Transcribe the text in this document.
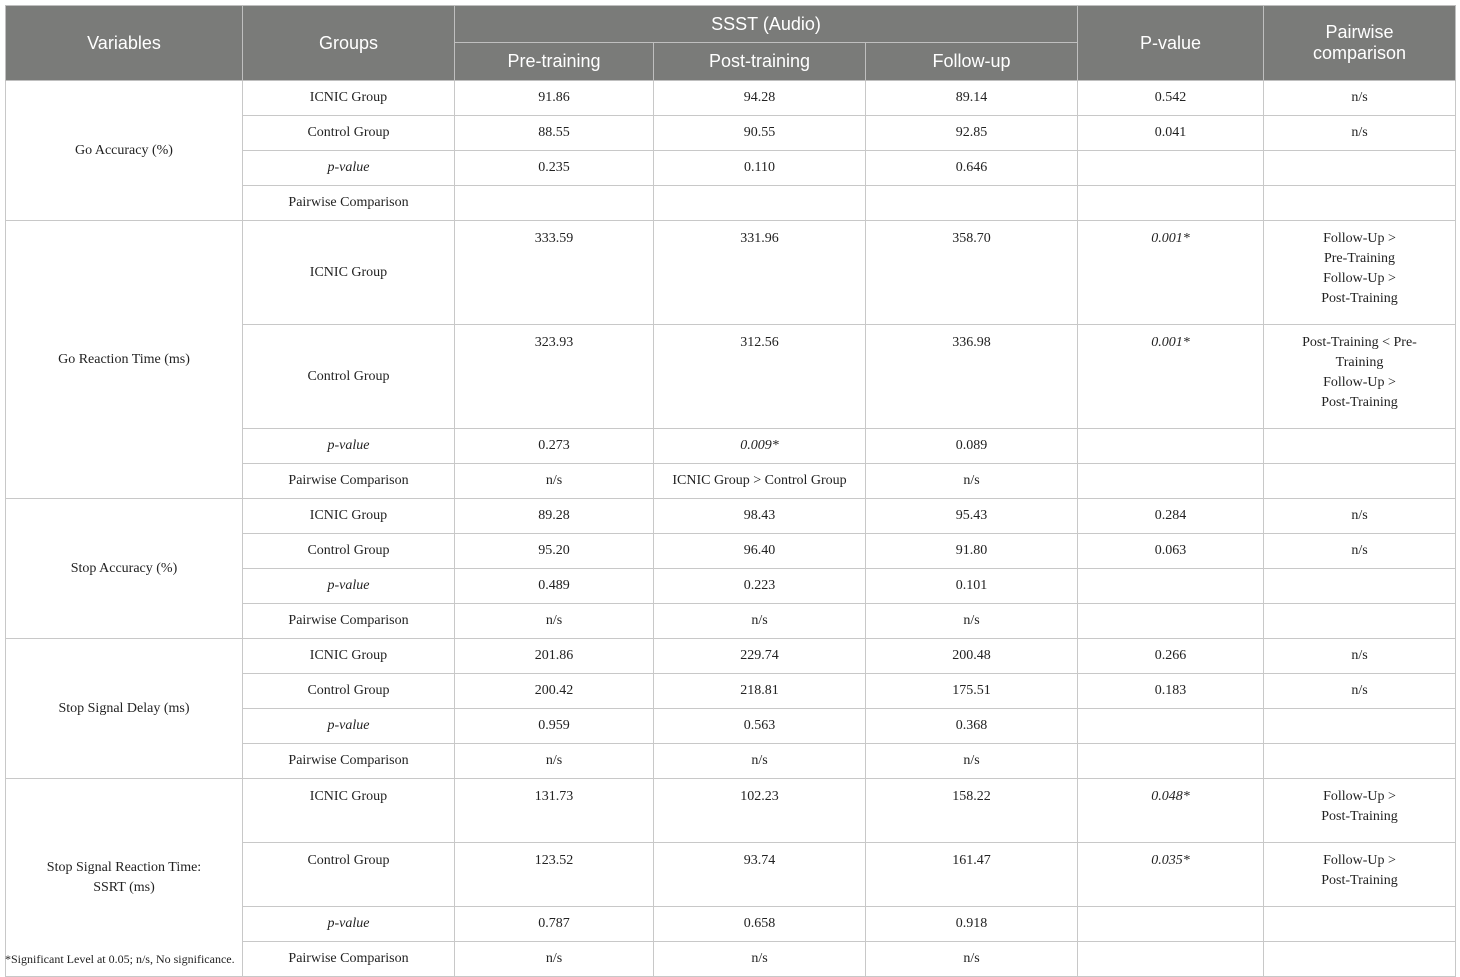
Variables	Groups	SSST (Audio)			P-value	Pairwise
comparison

		Pre-training	Post-training	Follow-up		
Go Accuracy (%)	ICNIC Group	91.86	94.28	89.14	0.542	n/s
	Control Group	88.55	90.55	92.85	0.041	n/s
	p-value	0.235	0.110	0.646		
	Pairwise Comparison					
Go Reaction Time (ms)	ICNIC Group	333.59	331.96	358.70	0.001*	Follow-Up >
Pre-Training
Follow-Up >
Post-Training

	Control Group	323.93	312.56	336.98	0.001*	Post-Training < Pre-
Training
Follow-Up >
Post-Training

	p-value	0.273	0.009*	0.089		
	Pairwise Comparison	n/s	ICNIC Group > Control Group	n/s		
Stop Accuracy (%)	ICNIC Group	89.28	98.43	95.43	0.284	n/s
	Control Group	95.20	96.40	91.80	0.063	n/s
	p-value	0.489	0.223	0.101		
	Pairwise Comparison	n/s	n/s	n/s		
Stop Signal Delay (ms)	ICNIC Group	201.86	229.74	200.48	0.266	n/s
	Control Group	200.42	218.81	175.51	0.183	n/s
	p-value	0.959	0.563	0.368		
	Pairwise Comparison	n/s	n/s	n/s		

Stop Signal Reaction Time:
SSRT (ms)	ICNIC Group	131.73	102.23	158.22	0.048*	Follow-Up >
Post-Training

	Control Group	123.52	93.74	161.47	0.035*	Follow-Up >
Post-Training

	p-value	0.787	0.658	0.918		
	Pairwise Comparison	n/s	n/s	n/s		
*Significant Level at 0.05; n/s, No significance.
